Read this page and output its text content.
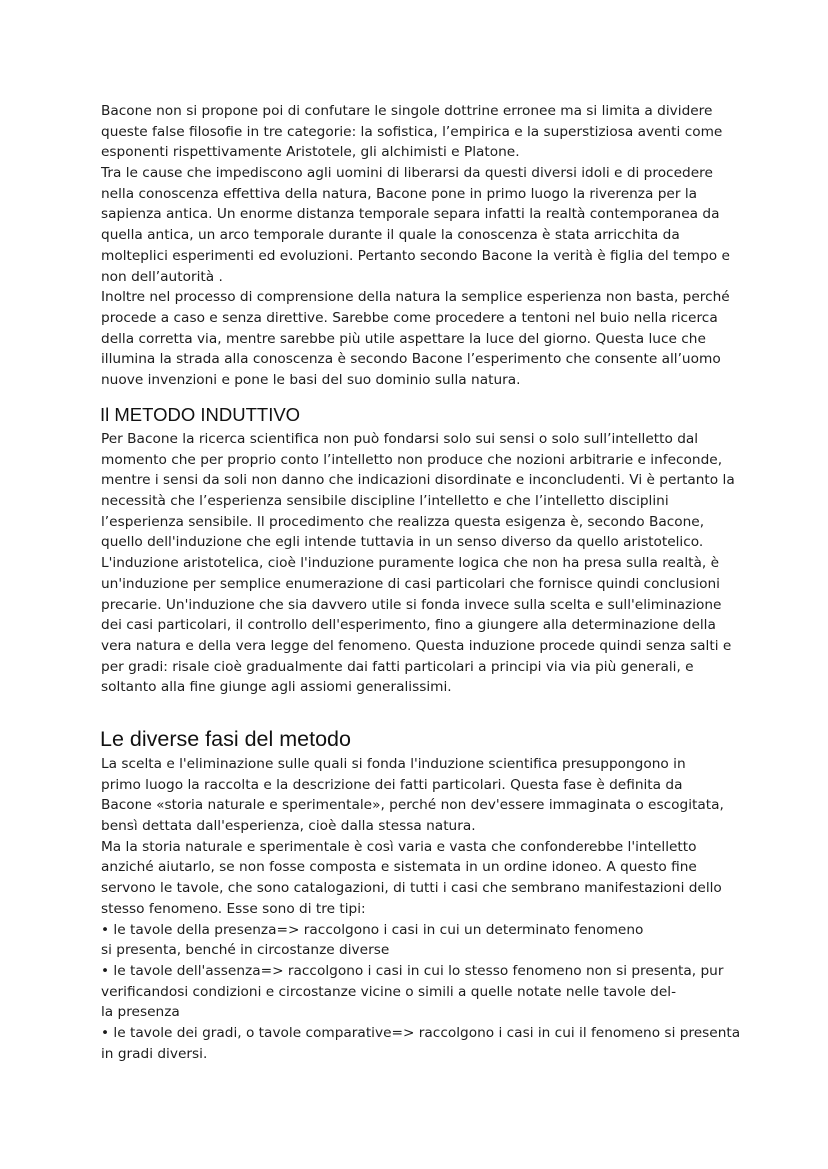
Bacone non si propone poi di confutare le singole dottrine erronee ma si limita a dividere
queste false filosofie in tre categorie: la sofistica, l’empirica e la superstiziosa aventi come
esponenti rispettivamente Aristotele, gli alchimisti e Platone.
Tra le cause che impediscono agli uomini di liberarsi da questi diversi idoli e di procedere
nella conoscenza effettiva della natura, Bacone pone in primo luogo la riverenza per la
sapienza antica. Un enorme distanza temporale separa infatti la realtà contemporanea da
quella antica, un arco temporale durante il quale la conoscenza è stata arricchita da
molteplici esperimenti ed evoluzioni. Pertanto secondo Bacone la verità è figlia del tempo e
non dell’autorità .
Inoltre nel processo di comprensione della natura la semplice esperienza non basta, perché
procede a caso e senza direttive. Sarebbe come procedere a tentoni nel buio nella ricerca
della corretta via, mentre sarebbe più utile aspettare la luce del giorno. Questa luce che
illumina la strada alla conoscenza è secondo Bacone l’esperimento che consente all’uomo
nuove invenzioni e pone le basi del suo dominio sulla natura.
Il METODO INDUTTIVO
Per Bacone la ricerca scientifica non può fondarsi solo sui sensi o solo sull’intelletto dal
momento che per proprio conto l’intelletto non produce che nozioni arbitrarie e infeconde,
mentre i sensi da soli non danno che indicazioni disordinate e inconcludenti. Vi è pertanto la
necessità che l’esperienza sensibile discipline l’intelletto e che l’intelletto disciplini
l’esperienza sensibile. Il procedimento che realizza questa esigenza è, secondo Bacone,
quello dell'induzione che egli intende tuttavia in un senso diverso da quello aristotelico.
L'induzione aristotelica, cioè l'induzione puramente logica che non ha presa sulla realtà, è
un'induzione per semplice enumerazione di casi particolari che fornisce quindi conclusioni
precarie. Un'induzione che sia davvero utile si fonda invece sulla scelta e sull'eliminazione
dei casi particolari, il controllo dell'esperimento, fino a giungere alla determinazione della
vera natura e della vera legge del fenomeno. Questa induzione procede quindi senza salti e
per gradi: risale cioè gradualmente dai fatti particolari a principi via via più generali, e
soltanto alla fine giunge agli assiomi generalissimi.
Le diverse fasi del metodo
La scelta e l'eliminazione sulle quali si fonda l'induzione scientifica presuppongono in
primo luogo la raccolta e la descrizione dei fatti particolari. Questa fase è definita da
Bacone «storia naturale e sperimentale», perché non dev'essere immaginata o escogitata,
bensì dettata dall'esperienza, cioè dalla stessa natura.
Ma la storia naturale e sperimentale è così varia e vasta che confonderebbe l'intelletto
anziché aiutarlo, se non fosse composta e sistemata in un ordine idoneo. A questo fine
servono le tavole, che sono catalogazioni, di tutti i casi che sembrano manifestazioni dello
stesso fenomeno. Esse sono di tre tipi:
• le tavole della presenza=> raccolgono i casi in cui un determinato fenomeno
si presenta, benché in circostanze diverse
• le tavole dell'assenza=> raccolgono i casi in cui lo stesso fenomeno non si presenta, pur
verificandosi condizioni e circostanze vicine o simili a quelle notate nelle tavole del-
la presenza
• le tavole dei gradi, o tavole comparative=> raccolgono i casi in cui il fenomeno si presenta
in gradi diversi.
